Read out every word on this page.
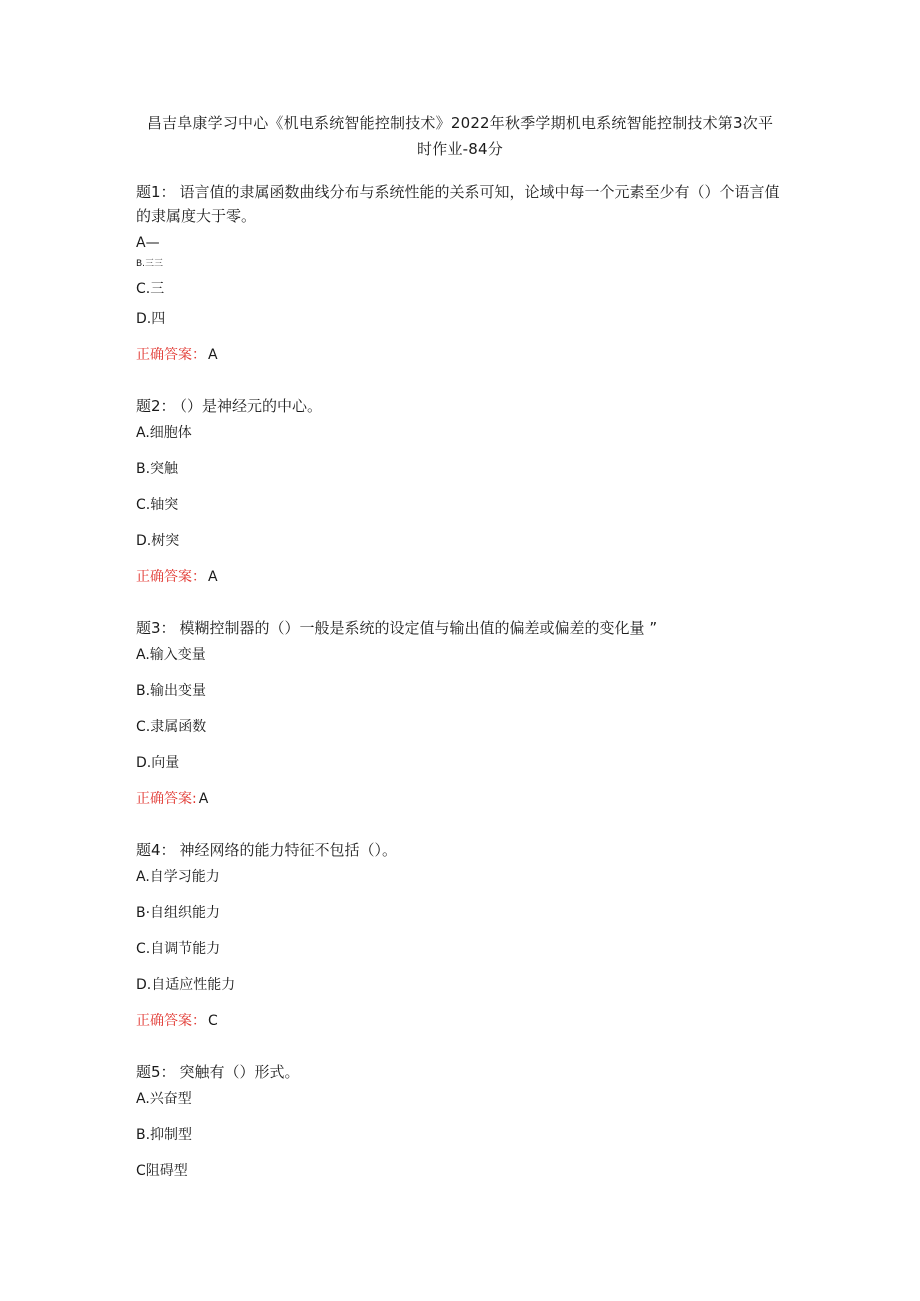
昌吉阜康学习中心《机电系统智能控制技术》2022年秋季学期机电系统智能控制技术第3次平
时作业-84分
题1： 语言值的隶属函数曲线分布与系统性能的关系可知，论域中每一个元素至少有（）个语言值的隶属度大于零。
A—
B.三三
C.三
D.四
正确答案： A
题2： （）是神经元的中心。
A.细胞体
B.突触
C.轴突
D.树突
正确答案： A
题3： 模糊控制器的（）一般是系统的设定值与输出值的偏差或偏差的变化量 ”
A.输入变量
B.输出变量
C.隶属函数
D.向量
正确答案: A
题4： 神经网络的能力特征不包括（）。
A.自学习能力
B·自组织能力
C.自调节能力
D.自适应性能力
正确答案： C
题5： 突触有（）形式。
A.兴奋型
B.抑制型
C阻碍型
